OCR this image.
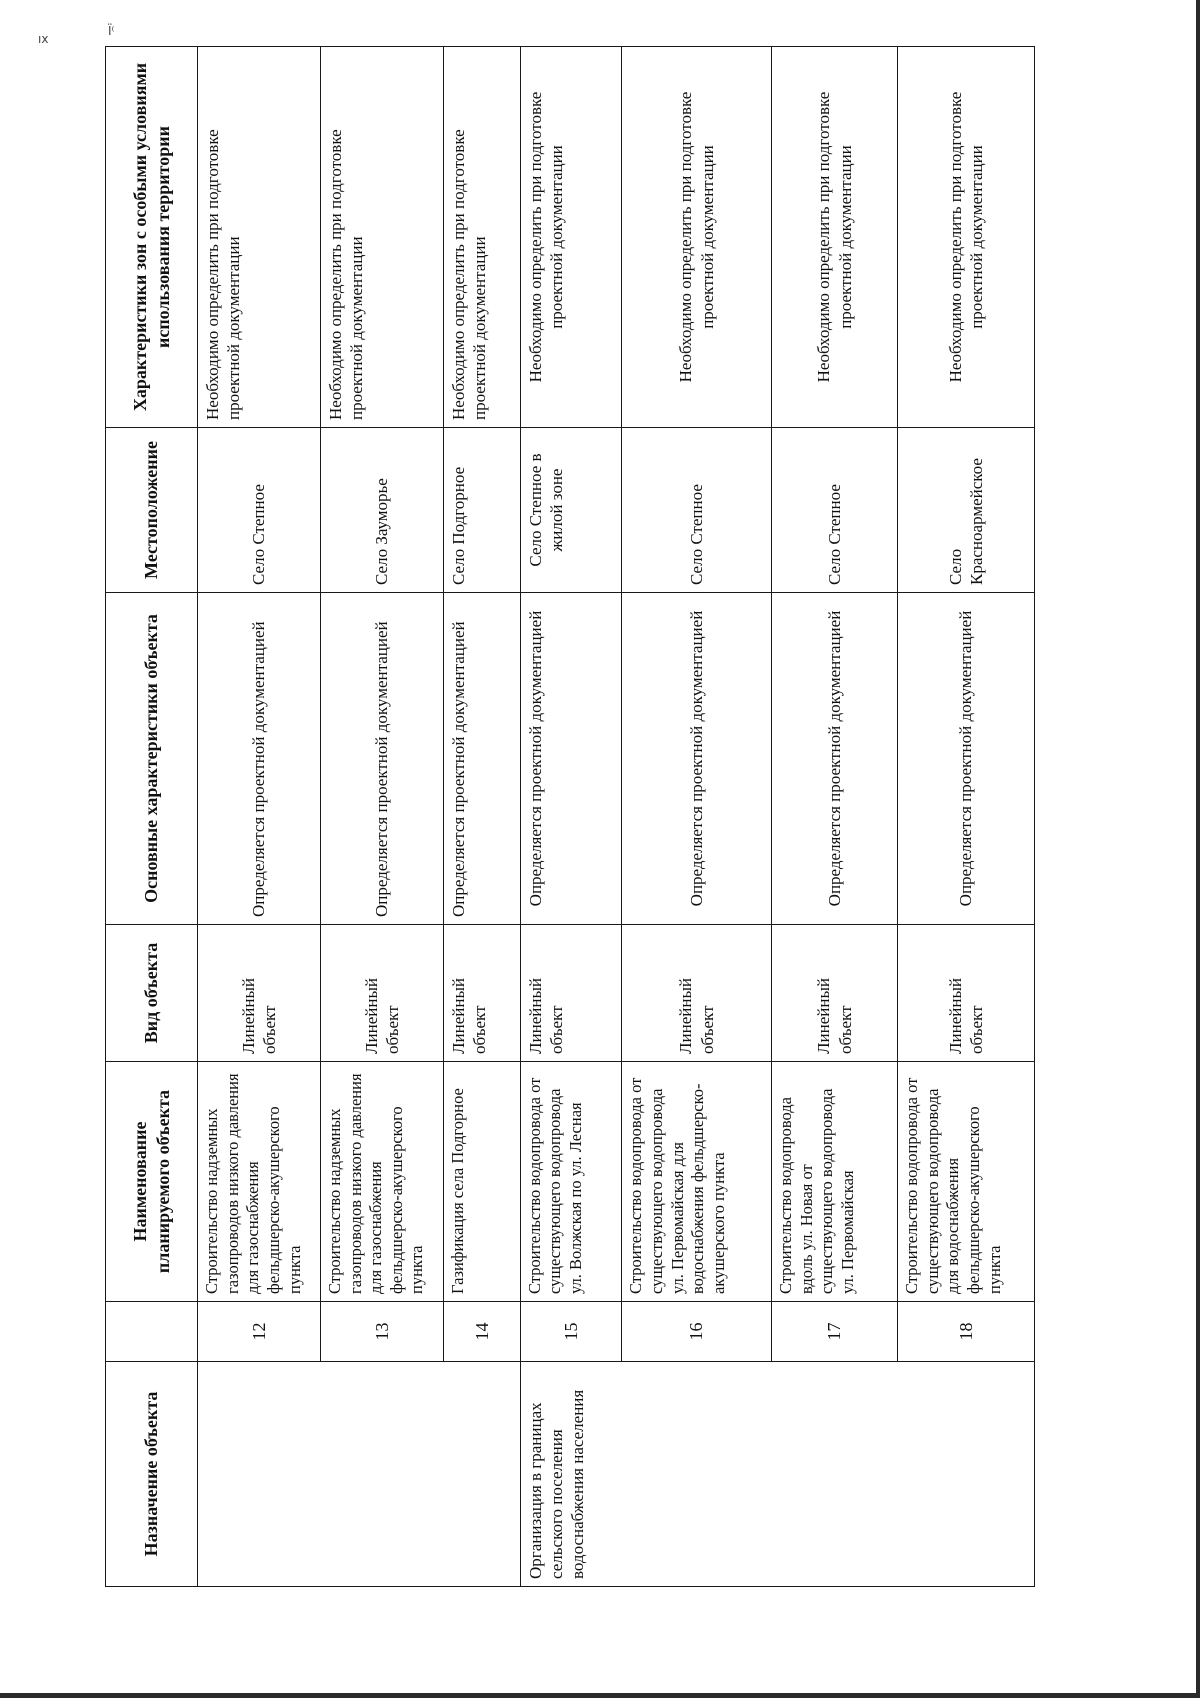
ıx
Ϊ⁽
Назначение объекта		Наименование планируемого объекта	Вид объекта	Основные характеристики объекта	Местоположение	Характеристики зон с особыми условиями использования территории
	12	Строительство надземных газопроводов низкого давления для газоснабжения фельдшерско-акушерского пункта	Линейный объект	Определяется проектной документацией	Село Степное	Необходимо определить при подготовке проектной документации
	13	Строительство надземных газопроводов низкого давления для газоснабжения фельдшерско-акушерского пункта	Линейный объект	Определяется проектной документацией	Село Зауморье	Необходимо определить при подготовке проектной документации
	14	Газификация села Подгорное	Линейный объект	Определяется проектной документацией	Село Подгорное	Необходимо определить при подготовке проектной документации
Организация в границах сельского поселения водоснабжения населения	15	Строительство водопровода от существующего водопровода ул. Волжская по ул. Лесная	Линейный объект	Определяется проектной документацией	Село Степное в жилой зоне	Необходимо определить при подготовке проектной документации
	16	Строительство водопровода от существующего водопровода ул. Первомайская для водоснабжения фельдшерско-акушерского пункта	Линейный объект	Определяется проектной документацией	Село Степное	Необходимо определить при подготовке проектной документации
	17	Строительство водопровода вдоль ул. Новая от существующего водопровода ул. Первомайская	Линейный объект	Определяется проектной документацией	Село Степное	Необходимо определить при подготовке проектной документации
	18	Строительство водопровода от существующего водопровода для водоснабжения фельдшерско-акушерского пункта	Линейный объект	Определяется проектной документацией	Село Красноармейское	Необходимо определить при подготовке проектной документации
